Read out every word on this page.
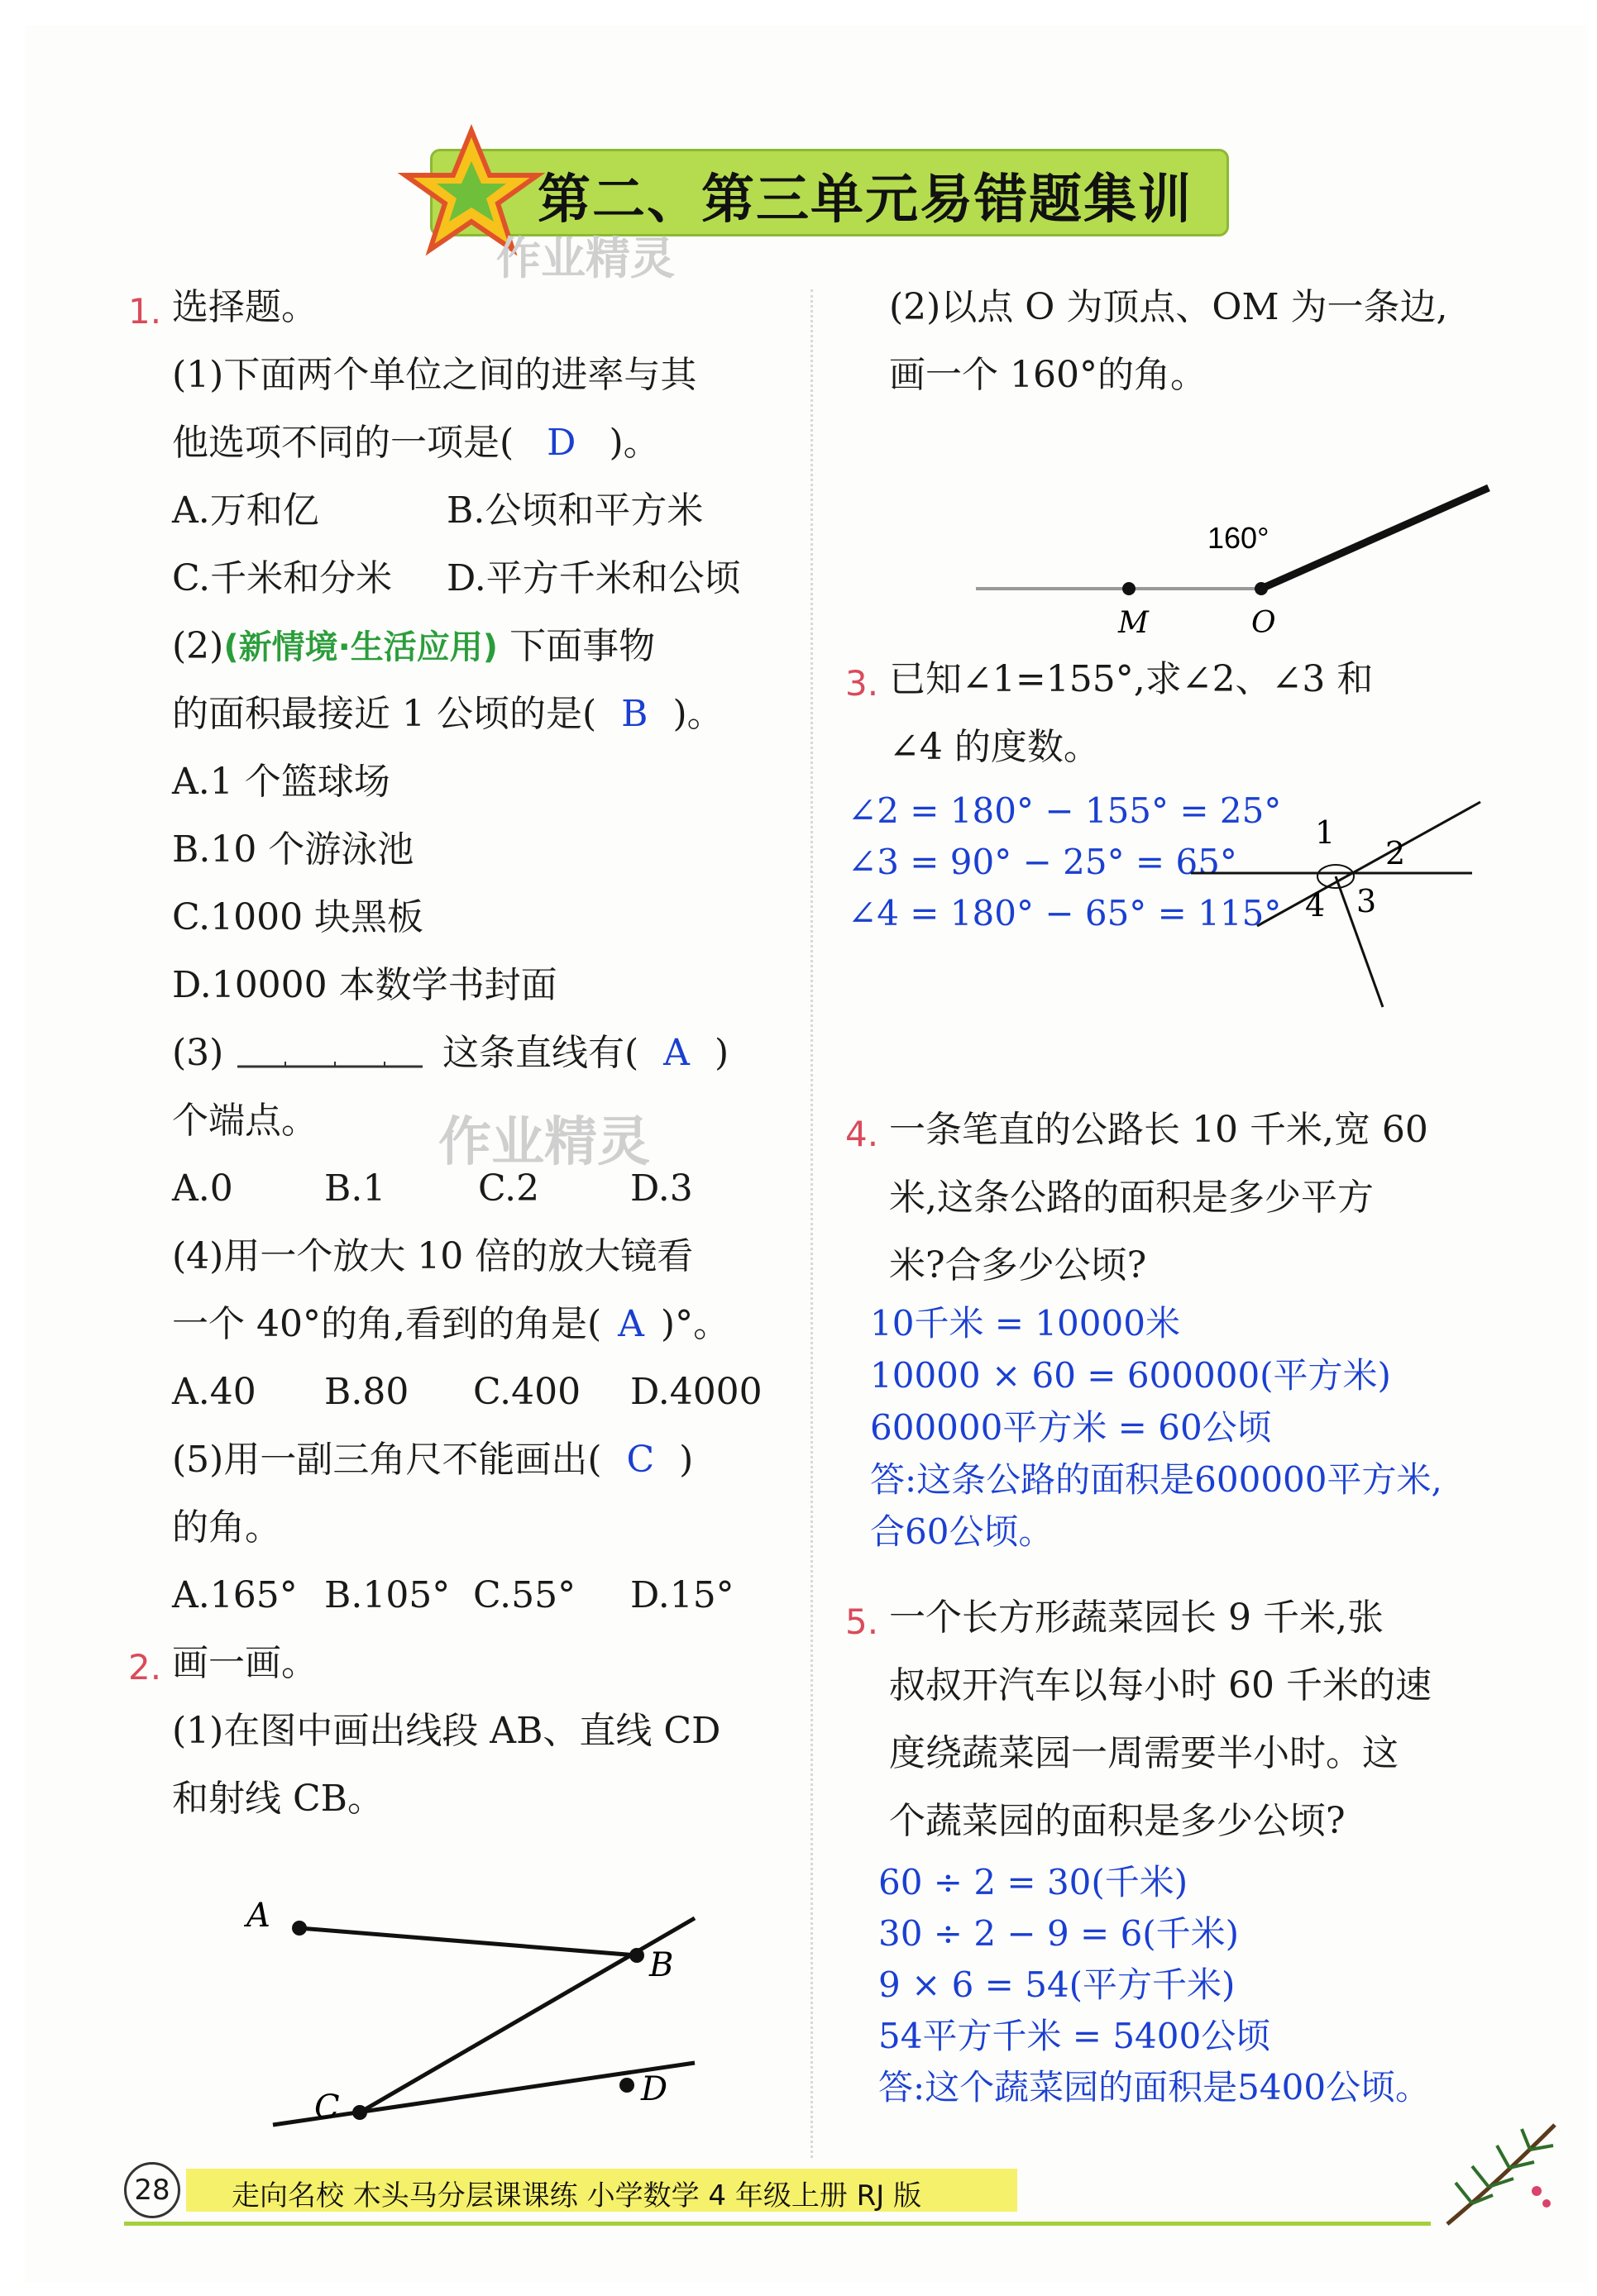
第二、第三单元易错题集训
作业精灵
作业精灵
1. 选择题。
(1)下面两个单位之间的进率与其
他选项不同的一项是( D )。
A.万和亿	B.公顷和平方米
C.千米和分米 D.平方千米和公顷
(2)(新情境·生活应用) 下面事物
的面积最接近 1 公顷的是( B )。
A.1 个篮球场
B.10 个游泳池
C.1000 块黑板
D.10000 本数学书封面
(3)	这条直线有( A )
个端点。
A.0	B.1	C.2 D.3
(4)用一个放大 10 倍的放大镜看
一个 40°的角,看到的角是( A )°。
A.40 B.80 C.400 D.4000
(5)用一副三角尺不能画出( C )
的角。
A.165° B.105° C.55° D.15°
2. 画一画。
(1)在图中画出线段 AB、直线 CD
和射线 CB。
A
B
C	D
(2)以点 O 为顶点、OM 为一条边,
画一个 160°的角。
160°
M	O
3. 已知∠1=155°,求∠2、∠3 和
∠4 的度数。
∠2 = 180° − 155° = 25°
∠3 = 90° − 25° = 65°
∠4 = 180° − 65° = 115°
1
2
3
4
4. 一条笔直的公路长 10 千米,宽 60
米,这条公路的面积是多少平方
米?合多少公顷?
10千米 = 10000米
10000 × 60 = 600000(平方米)
600000平方米 = 60公顷
答:这条公路的面积是600000平方米,
合60公顷。
5. 一个长方形蔬菜园长 9 千米,张
叔叔开汽车以每小时 60 千米的速
度绕蔬菜园一周需要半小时。这
个蔬菜园的面积是多少公顷?
60 ÷ 2 = 30(千米)
30 ÷ 2 − 9 = 6(千米)
9 × 6 = 54(平方千米)
54平方千米 = 5400公顷
答:这个蔬菜园的面积是5400公顷。
28	走向名校 木头马分层课课练 小学数学 4 年级上册 RJ 版
